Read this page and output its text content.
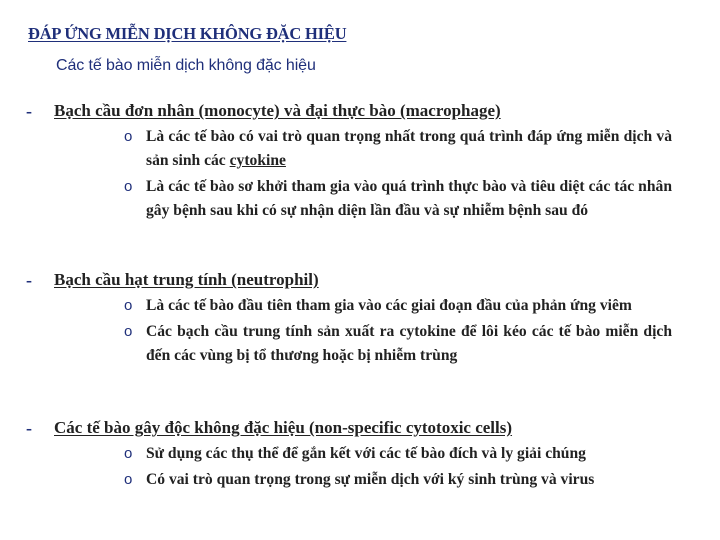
ĐÁP ỨNG MIỄN DỊCH KHÔNG ĐẶC HIỆU
Các tế bào miễn dịch không đặc hiệu
- Bạch cầu đơn nhân (monocyte) và đại thực bào (macrophage)
o Là các tế bào có vai trò quan trọng nhất trong quá trình đáp ứng miễn dịch và sản sinh các cytokine
o Là các tế bào sơ khởi tham gia vào quá trình thực bào và tiêu diệt các tác nhân gây bệnh sau khi có sự nhận diện lần đầu và sự nhiễm bệnh sau đó
- Bạch cầu hạt trung tính (neutrophil)
o Là các tế bào đầu tiên tham gia vào các giai đoạn đầu của phản ứng viêm
o Các bạch cầu trung tính sản xuất ra cytokine để lôi kéo các tế bào miễn dịch đến các vùng bị tổ thương hoặc bị nhiễm trùng
- Các tế bào gây độc không đặc hiệu (non-specific cytotoxic cells)
o Sử dụng các thụ thể để gắn kết với các tế bào đích và ly giải chúng
o Có vai trò quan trọng trong sự miễn dịch với ký sinh trùng và virus
